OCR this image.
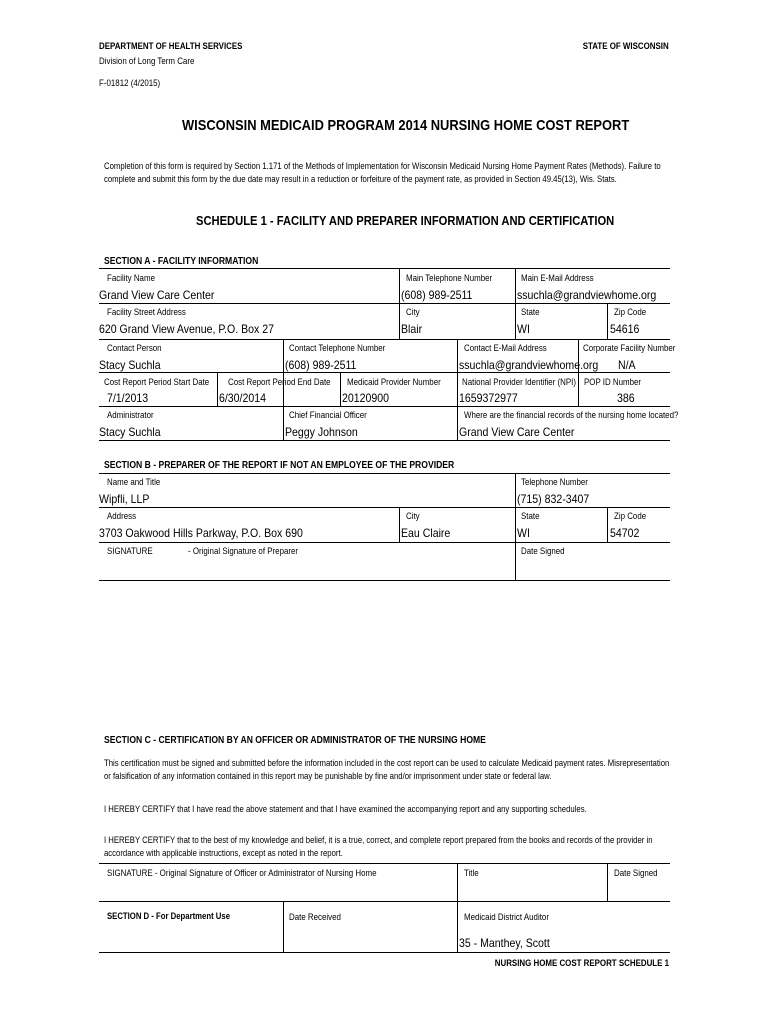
DEPARTMENT OF HEALTH SERVICES
Division of Long Term Care
F-01812 (4/2015)
STATE OF WISCONSIN
WISCONSIN MEDICAID PROGRAM 2014 NURSING HOME COST REPORT
Completion of this form is required by Section 1.171 of the Methods of Implementation for Wisconsin Medicaid Nursing Home Payment Rates (Methods). Failure to complete and submit this form by the due date may result in a reduction or forfeiture of the payment rate, as provided in Section 49.45(13), Wis. Stats.
SCHEDULE 1 - FACILITY AND PREPARER INFORMATION AND CERTIFICATION
SECTION A - FACILITY INFORMATION
Facility Name
Grand View Care Center
Main Telephone Number
(608) 989-2511
Main E-Mail Address
ssuchla@grandviewhome.org
Facility Street Address
620 Grand View Avenue, P.O. Box 27
City
Blair
State
WI
Zip Code
54616
Contact Person
Stacy Suchla
Contact Telephone Number
(608) 989-2511
Contact E-Mail Address
ssuchla@grandviewhome.org
Corporate Facility Number
N/A
Cost Report Period Start Date
7/1/2013
Cost Report Period End Date
6/30/2014
Medicaid Provider Number
20120900
National Provider Identifier (NPI)
1659372977
POP ID Number
386
Administrator
Stacy Suchla
Chief Financial Officer
Peggy Johnson
Where are the financial records of the nursing home located?
Grand View Care Center
SECTION B - PREPARER OF THE REPORT IF NOT AN EMPLOYEE OF THE PROVIDER
Name and Title
Wipfli, LLP
Telephone Number
(715) 832-3407
Address
3703 Oakwood Hills Parkway, P.O. Box 690
City
Eau Claire
State
WI
Zip Code
54702
SIGNATURE	- Original Signature of Preparer	Date Signed
SECTION C - CERTIFICATION BY AN OFFICER OR ADMINISTRATOR OF THE NURSING HOME
This certification must be signed and submitted before the information included in the cost report can be used to calculate Medicaid payment rates. Misrepresentation or falsification of any information contained in this report may be punishable by fine and/or imprisonment under state or federal law.
I HEREBY CERTIFY that I have read the above statement and that I have examined the accompanying report and any supporting schedules.
I HEREBY CERTIFY that to the best of my knowledge and belief, it is a true, correct, and complete report prepared from the books and records of the provider in accordance with applicable instructions, except as noted in the report.
SIGNATURE - Original Signature of Officer or Administrator of Nursing Home	Title	Date Signed
SECTION D - For Department Use	Date Received	Medicaid District Auditor
35 - Manthey, Scott
NURSING HOME COST REPORT SCHEDULE 1
